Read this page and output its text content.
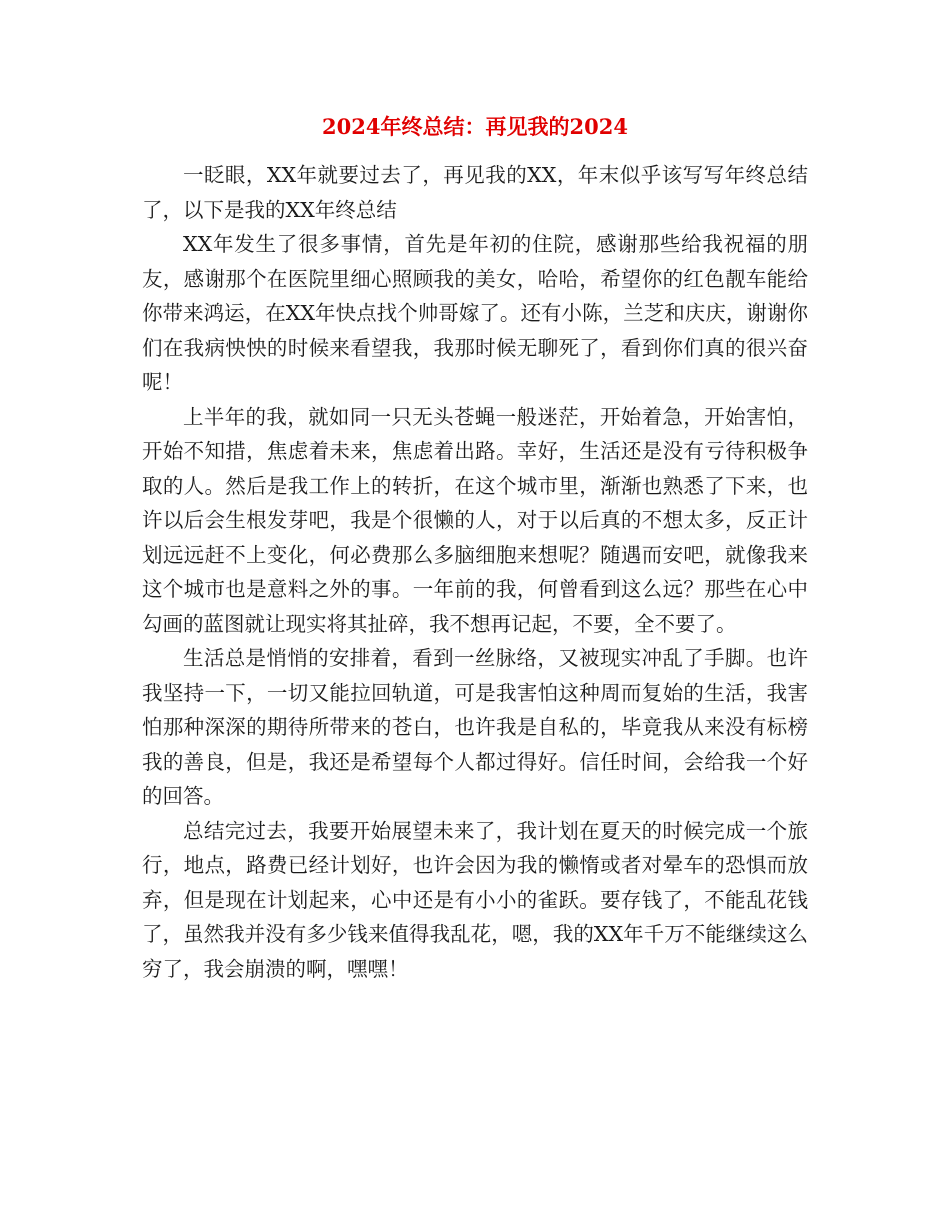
2024年终总结：再见我的2024

一眨眼，XX年就要过去了，再见我的XX，年末似乎该写写年终总结了，以下是我的XX年终总结

XX年发生了很多事情，首先是年初的住院，感谢那些给我祝福的朋友，感谢那个在医院里细心照顾我的美女，哈哈，希望你的红色靓车能给你带来鸿运，在XX年快点找个帅哥嫁了。还有小陈，兰芝和庆庆，谢谢你们在我病怏怏的时候来看望我，我那时候无聊死了，看到你们真的很兴奋呢！

上半年的我，就如同一只无头苍蝇一般迷茫，开始着急，开始害怕，开始不知措，焦虑着未来，焦虑着出路。幸好，生活还是没有亏待积极争取的人。然后是我工作上的转折，在这个城市里，渐渐也熟悉了下来，也许以后会生根发芽吧，我是个很懒的人，对于以后真的不想太多，反正计划远远赶不上变化，何必费那么多脑细胞来想呢？随遇而安吧，就像我来这个城市也是意料之外的事。一年前的我，何曾看到这么远？那些在心中勾画的蓝图就让现实将其扯碎，我不想再记起，不要，全不要了。

生活总是悄悄的安排着，看到一丝脉络，又被现实冲乱了手脚。也许我坚持一下，一切又能拉回轨道，可是我害怕这种周而复始的生活，我害怕那种深深的期待所带来的苍白，也许我是自私的，毕竟我从来没有标榜我的善良，但是，我还是希望每个人都过得好。信任时间，会给我一个好的回答。

总结完过去，我要开始展望未来了，我计划在夏天的时候完成一个旅行，地点，路费已经计划好，也许会因为我的懒惰或者对晕车的恐惧而放弃，但是现在计划起来，心中还是有小小的雀跃。要存钱了，不能乱花钱了，虽然我并没有多少钱来值得我乱花，嗯，我的XX年千万不能继续这么穷了，我会崩溃的啊，嘿嘿！
